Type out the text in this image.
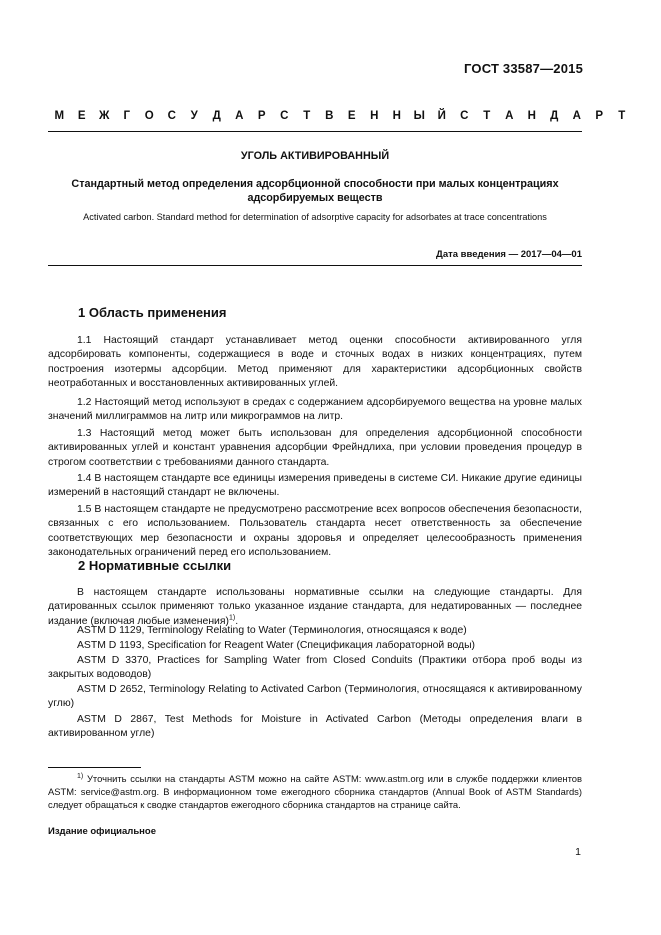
ГОСТ 33587—2015
М	Е	Ж	Г	О	С	У	Д	А	Р	С	Т	В	Е	Н	Н	Ы	Й	С	Т	А	Н	Д	А	Р	Т
УГОЛЬ АКТИВИРОВАННЫЙ
Стандартный метод определения адсорбционной способности при малых концентрациях
адсорбируемых веществ
Activated carbon. Standard method for determination of adsorptive capacity for adsorbates at trace concentrations
Дата введения — 2017—04—01
1 Область применения

1.1 Настоящий стандарт устанавливает метод оценки способности активированного угля адсорбировать компоненты, содержащиеся в воде и сточных водах в низких концентрациях, путем построения изотермы адсорбции. Метод применяют для характеристики адсорбционных свойств неотработанных и восстановленных активированных углей.

1.2 Настоящий метод используют в средах с содержанием адсорбируемого вещества на уровне малых значений миллиграммов на литр или микрограммов на литр.

1.3 Настоящий метод может быть использован для определения адсорбционной способности активированных углей и констант уравнения адсорбции Фрейндлиха, при условии проведения процедур в строгом соответствии с требованиями данного стандарта.

1.4 В настоящем стандарте все единицы измерения приведены в системе СИ. Никакие другие единицы измерений в настоящий стандарт не включены.

1.5 В настоящем стандарте не предусмотрено рассмотрение всех вопросов обеспечения безопасности, связанных с его использованием. Пользователь стандарта несет ответственность за обеспечение соответствующих мер безопасности и охраны здоровья и определяет целесообразность применения законодательных ограничений перед его использованием.

2 Нормативные ссылки

В настоящем стандарте использованы нормативные ссылки на следующие стандарты. Для датированных ссылок применяют только указанное издание стандарта, для недатированных — последнее издание (включая любые изменения)$^{1)}$.

ASTM D 1129, Terminology Relating to Water (Терминология, относящаяся к воде)

ASTM D 1193, Specification for Reagent Water (Спецификация лабораторной воды)

ASTM D 3370, Practices for Sampling Water from Closed Conduits (Практики отбора проб воды из закрытых водоводов)

ASTM D 2652, Terminology Relating to Activated Carbon (Терминология, относящаяся к активированному углю)

ASTM D 2867, Test Methods for Moisture in Activated Carbon (Методы определения влаги в активированном угле)

$^{1)}$ Уточнить ссылки на стандарты ASTM можно на сайте ASTM: www.astm.org или в службе поддержки клиентов ASTM: service@astm.org. В информационном томе ежегодного сборника стандартов (Annual Book of ASTM Standards) следует обращаться к сводке стандартов ежегодного сборника стандартов на странице сайта.
Издание официальное
1
